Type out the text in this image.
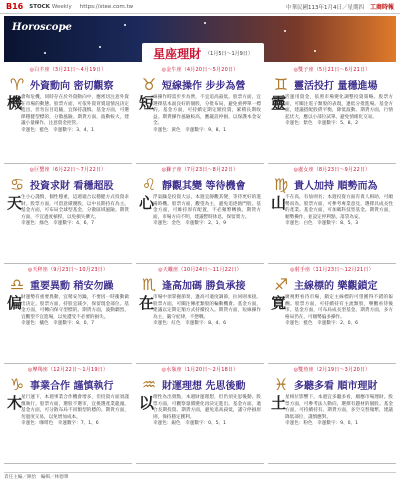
B16 STOCK Weekly https://stee.com.tw	中華民國113年1月4日／星期四 工商時報
Horoscope
星座理財 （1月5日～1月9日）
◎白羊座（3月21日～4月19日）
♈ 外資動向 密切觀察
機
會和危機，同時存在於外資動向中，應密切注意外資在市場的動態。股票方面，可依外資買賣超情況決定進出，但勿盲目追隨，宜保持謹慎。基金方面，可選擇穩健型標的，分散風險。期貨方面，波動較大，建議小量操作，注意資金控管。
幸運色：藍色　幸運數字：3、4、1
◎金牛座（4月20日～5月20日）
♉ 短線操作 步步為營
短
線操作時需步步為營，不宜追高殺低。股票方面，宜選擇基本面良好的個股，分批布局，避免重押單一標的。基金方面，可持續定期定額投資，累積長期收益。期貨操作風險較高，應嚴設停損，以保護本金安全。
幸運色：黃色　幸運數字：9、8、1
◎雙子座（5月21日～6月21日）
♊ 靈活投打 量穩進場
靈
活運用資金，依照市場變化調整投資策略。股票方面，可關注電子類股的表現，逢低分批進場。基金方面，建議搭配股債平衡，降低波動。期貨方面，行情起伏大，應以小部位試單，避免情緒化交易。
幸運色：紫色　幸運數字：5、8、2
◎巨蟹座（6月22日～7月22日）
♋ 投資求財 看穩超股
天
生小心謹慎，個性穩重，這週適合以穩健方式投資求財。股票方面，可留意績優股，以中長期持有為主。基金方面，可布局全球型基金，分散區域風險。期貨方面，不宜過度槓桿，以免損失擴大。
幸運色：綠色　幸運數字：4、6、7
◎獅子座（7月23日～8月22日）
♌ 靜觀其變 等待機會
心
浮氣躁是投資大忌，本週宜靜觀其變，等待更好的進場時機。股票方面，觀望為主，避免追逐熱門股。基金方面，可維持原有配置，不必頻繁轉換。期貨方面，市場方向不明，建議暫時休息，保留實力。
幸運色：金色　幸運數字：2、1、9
◎處女座（8月23日～9月22日）
♍ 貴人加持 順勢而為
山
不在高，有仙則名；本週投資方面有貴人相助，可順勢而為。股票方面，可參考專業意見，選擇具成長性的產業。基金方面，可加碼科技型基金。期貨方面，順勢操作，並設定停利點，落袋為安。
幸運色：白色　幸運數字：8、5、3
◎天秤座（9月23日～10月23日）
♎ 重要異動 稍安勿躁
偏
財運勢有重要異動，宜稍安勿躁，不要因一時衝動做出決定。股票方面，持股宜減少，保留現金部位。基金方面，可轉向保守型標的。期貨方面，波動劇烈，宜觀望不宜進場，以免遭受不必要的損失。
幸運色：橘色　幸運數字：8、0、7
◎天蠍座（10月24日～11月22日）
♏ 逢高加碼 勝負承接
在
市場中須掌握節奏，逢高可適度調節，拉回則承接。股票方面，可關注傳產類股的輪動機會。基金方面，建議以定期定額方式持續投入。期貨方面，短線操作為主，嚴守紀律，不戀戰。
幸運色：紅色　幸運數字：8、4、6
◎射手座（11月23日～12月21日）
♐ 主線標的 樂觀鎖定
寬
廣視野看待市場，鎖定主線標的可望獲得不錯的報酬。股票方面，可持續持有主流類股，樂觀看待後市。基金方面，可布局成長型基金。期貨方面，多方格局仍在，可順勢偏多操作。
幸運色：藍色　幸運數字：2、0、6
◎摩羯座（12月22日～1月19日）
♑ 事業合作 謹慎執行
木
星行運下，本週事業合作機會增多，但投資方面須謹慎執行。股票方面，選股不選市，宜挑選產業龍頭。基金方面，可分散布局不同類型的標的。期貨方面，勿過度交易，以免增加成本。
幸運色：咖啡色　幸運數字：7、1、6
◎水瓶座（1月20日～2月18日）
♒ 財運理想 先思後動
以
理性為出發點，本週財運理想，但仍須先思後動。股票方面，可觀察量價變化再決定進出。基金方面，適合長期投資。期貨方面，避免追高殺低，謹守停損原則，保持穩定獲利。
幸運色：銀色　幸運數字：0、5、1
◎雙魚座（2月19日～3月20日）
♓ 多聽多看 順市理財
土
星相位影響下，本週宜多聽多看，順應市場理財。股票方面，可參考法人動向，選擇有題材的個股。基金方面，可持續持有。期貨方面，多空交替頻繁，建議降低部位，謹慎應對。
幸運色：粉色　幸運數字：9、0、1
責任主編／陳怡　編輯／林德肇
